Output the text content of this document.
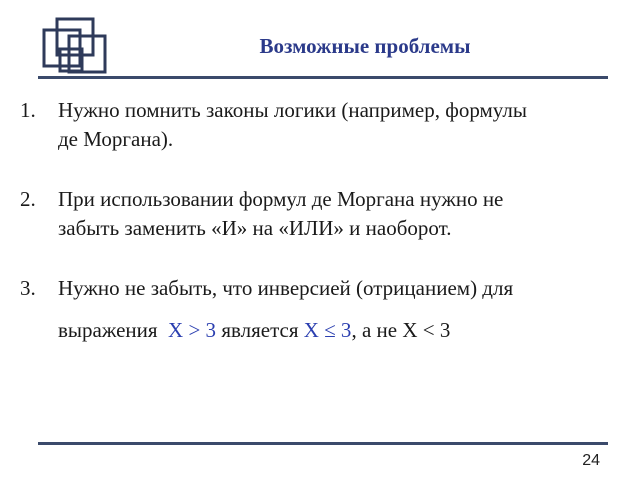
Возможные проблемы
1. Нужно помнить законы логики (например, формулы
де Моргана).
2. При использовании формул де Моргана нужно не
забыть заменить «И» на «ИЛИ» и наоборот.
3. Нужно не забыть, что инверсией (отрицанием) для
выражения  X > 3 является X ≤ 3, а не X < 3
24
